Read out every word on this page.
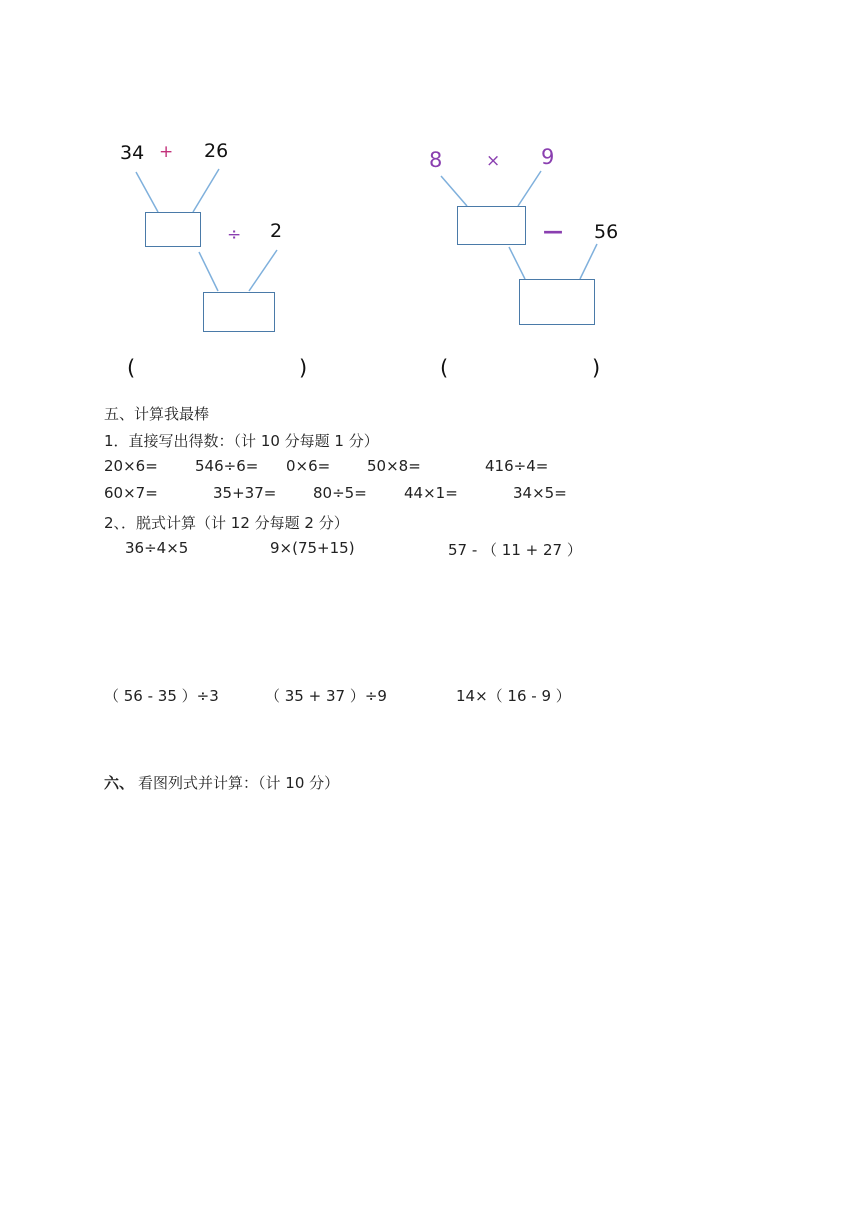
34 + 26
÷ 2
(	)
8	× 9
— 56
(	)
五、计算我最棒
1．直接写出得数：（计 10 分每题 1 分）
20×6= 546÷6= 0×6= 50×8=	416÷4=
60×7=	35+37= 80÷5= 44×1=	34×5=
2、．脱式计算（计 12 分每题 2 分）
36÷4×5	9×(75+15)	57 - （ 11 + 27 ）
（ 56 - 35 ）÷3	（ 35 + 37 ）÷9	14×（ 16 - 9 ）
六、 看图列式并计算：（计 10 分）
